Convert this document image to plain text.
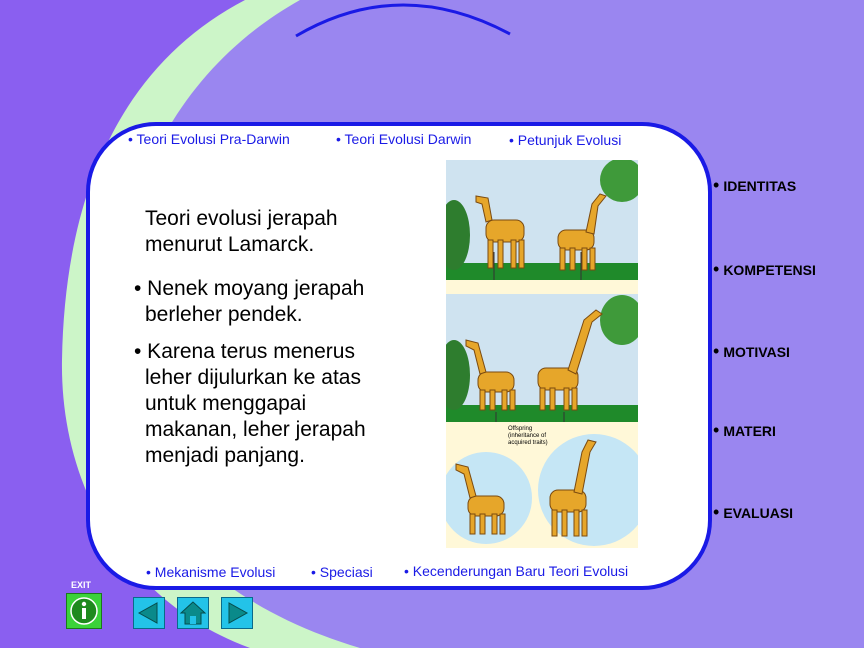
• Teori Evolusi Pra-Darwin	• Teori Evolusi Darwin	• Petunjuk Evolusi
Teori evolusi jerapah
menurut Lamarck.
• Nenek moyang jerapah
berleher pendek.
• Karena terus menerus
leher dijulurkan ke atas
untuk menggapai
makanan, leher jerapah
menjadi panjang.
Offspring
(inheritance of
acquired traits)
• Mekanisme Evolusi	• Speciasi • Kecenderungan Baru Teori Evolusi
• IDENTITAS
• KOMPETENSI
• MOTIVASI
• MATERI
• EVALUASI
EXIT
